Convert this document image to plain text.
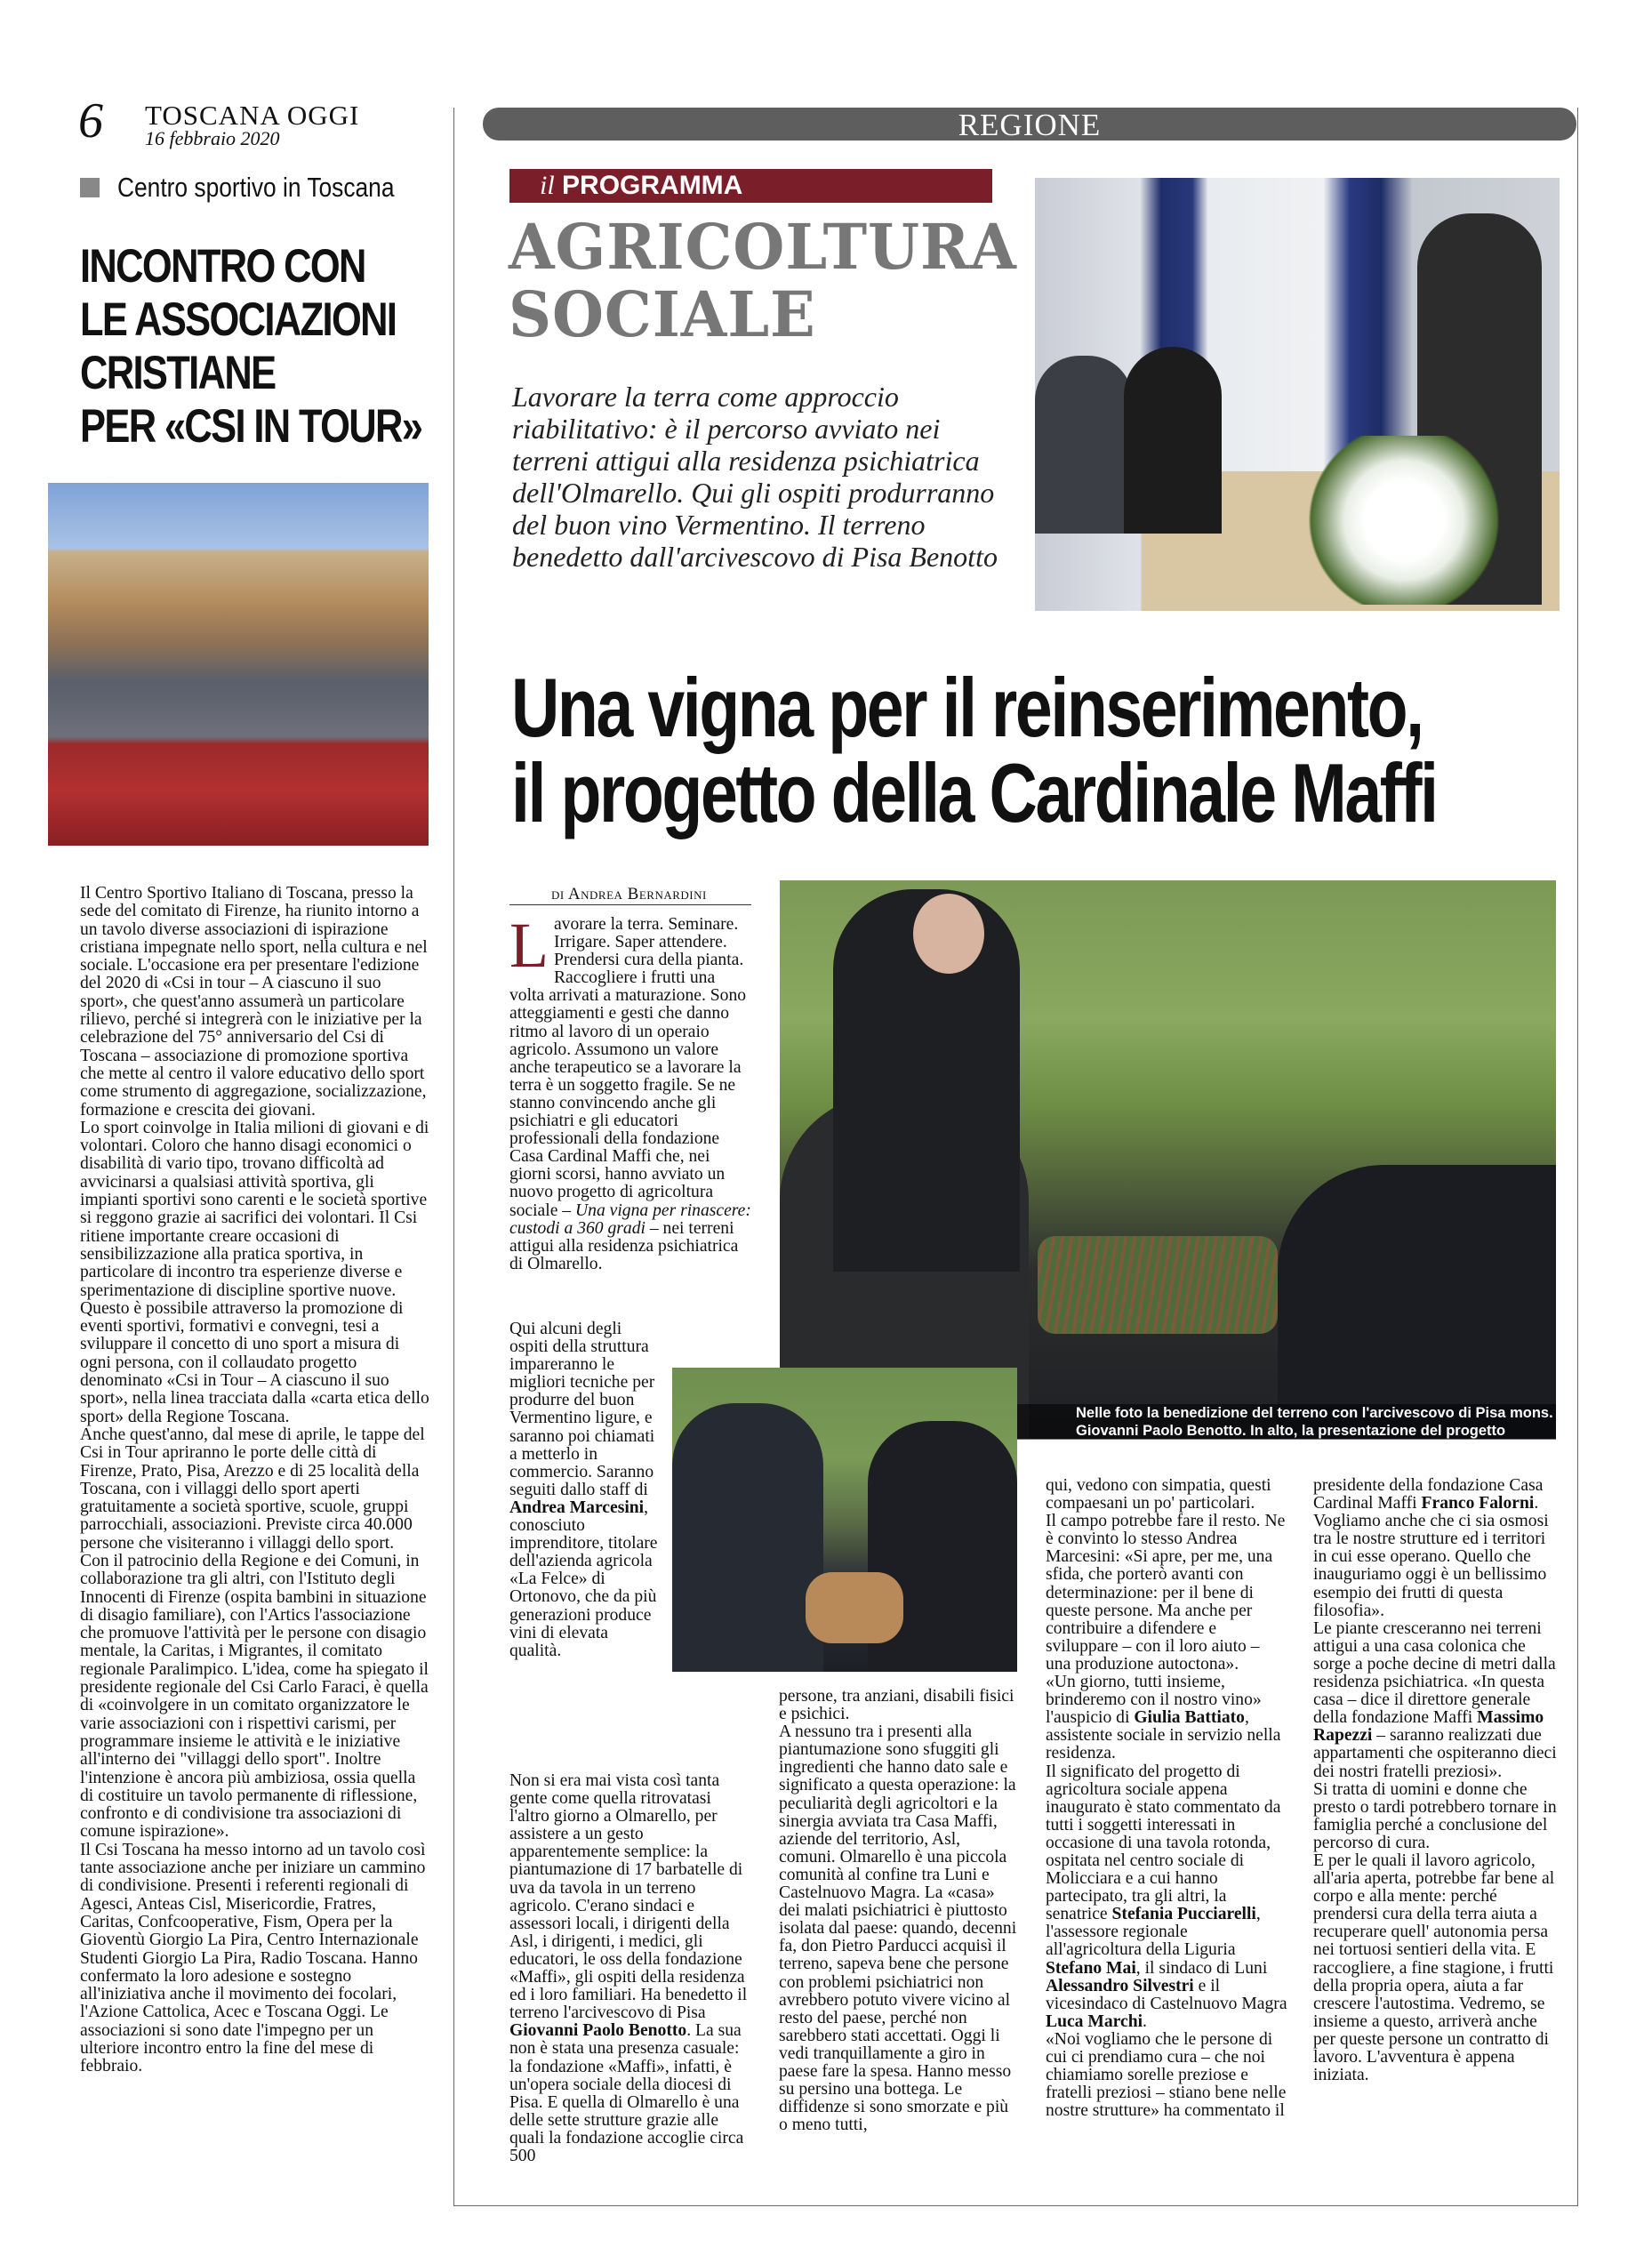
6 TOSCANA OGGI
16 febbraio 2020	REGIONE
Centro sportivo in Toscana
INCONTRO CON
LE ASSOCIAZIONI
CRISTIANE
PER «CSI IN TOUR»

Il Centro Sportivo Italiano di Toscana, presso la sede del comitato di Firenze, ha riunito intorno a un tavolo diverse associazioni di ispirazione cristiana impegnate nello sport, nella cultura e nel sociale. L'occasione era per presentare l'edizione del 2020 di «Csi in tour – A ciascuno il suo sport», che quest'anno assumerà un particolare rilievo, perché si integrerà con le iniziative per la celebrazione del 75° anniversario del Csi di Toscana – associazione di promozione sportiva che mette al centro il valore educativo dello sport come strumento di aggregazione, socializzazione, formazione e crescita dei giovani.
Lo sport coinvolge in Italia milioni di giovani e di volontari. Coloro che hanno disagi economici o disabilità di vario tipo, trovano difficoltà ad avvicinarsi a qualsiasi attività sportiva, gli impianti sportivi sono carenti e le società sportive si reggono grazie ai sacrifici dei volontari. Il Csi ritiene importante creare occasioni di sensibilizzazione alla pratica sportiva, in particolare di incontro tra esperienze diverse e sperimentazione di discipline sportive nuove. Questo è possibile attraverso la promozione di eventi sportivi, formativi e convegni, tesi a sviluppare il concetto di uno sport a misura di ogni persona, con il collaudato progetto denominato «Csi in Tour – A ciascuno il suo sport», nella linea tracciata dalla «carta etica dello sport» della Regione Toscana.
Anche quest'anno, dal mese di aprile, le tappe del Csi in Tour apriranno le porte delle città di Firenze, Prato, Pisa, Arezzo e di 25 località della Toscana, con i villaggi dello sport aperti gratuitamente a società sportive, scuole, gruppi parrocchiali, associazioni. Previste circa 40.000 persone che visiteranno i villaggi dello sport.
Con il patrocinio della Regione e dei Comuni, in collaborazione tra gli altri, con l'Istituto degli Innocenti di Firenze (ospita bambini in situazione di disagio familiare), con l'Artics l'associazione che promuove l'attività per le persone con disagio mentale, la Caritas, i Migrantes, il comitato regionale Paralimpico. L'idea, come ha spiegato il presidente regionale del Csi Carlo Faraci, è quella di «coinvolgere in un comitato organizzatore le varie associazioni con i rispettivi carismi, per programmare insieme le attività e le iniziative all'interno dei "villaggi dello sport". Inoltre l'intenzione è ancora più ambiziosa, ossia quella di costituire un tavolo permanente di riflessione, confronto e di condivisione tra associazioni di comune ispirazione».
Il Csi Toscana ha messo intorno ad un tavolo così tante associazione anche per iniziare un cammino di condivisione. Presenti i referenti regionali di Agesci, Anteas Cisl, Misericordie, Fratres, Caritas, Confcooperative, Fism, Opera per la Gioventù Giorgio La Pira, Centro Internazionale Studenti Giorgio La Pira, Radio Toscana. Hanno confermato la loro adesione e sostegno all'iniziativa anche il movimento dei focolari, l'Azione Cattolica, Acec e Toscana Oggi. Le associazioni si sono date l'impegno per un ulteriore incontro entro la fine del mese di febbraio.

il PROGRAMMA
AGRICOLTURA
SOCIALE
Lavorare la terra come approccio riabilitativo: è il percorso avviato nei terreni attigui alla residenza psichiatrica dell'Olmarello. Qui gli ospiti produrranno del buon vino Vermentino. Il terreno benedetto dall'arcivescovo di Pisa Benotto
Una vigna per il reinserimento,
il progetto della Cardinale Maffi
di Andrea Bernardini
Nelle foto la benedizione del terreno con l'arcivescovo di Pisa mons. Giovanni Paolo Benotto. In alto, la presentazione del progetto

Lavorare la terra. Seminare. Irrigare. Saper attendere. Prendersi cura della pianta. Raccogliere i frutti una volta arrivati a maturazione. Sono atteggiamenti e gesti che danno ritmo al lavoro di un operaio agricolo. Assumono un valore anche terapeutico se a lavorare la terra è un soggetto fragile. Se ne stanno convincendo anche gli psichiatri e gli educatori professionali della fondazione Casa Cardinal Maffi che, nei giorni scorsi, hanno avviato un nuovo progetto di agricoltura sociale – Una vigna per rinascere: custodi a 360 gradi – nei terreni attigui alla residenza psichiatrica di Olmarello.

Qui alcuni degli ospiti della struttura impareranno le migliori tecniche per produrre del buon Vermentino ligure, e saranno poi chiamati a metterlo in commercio. Saranno seguiti dallo staff di Andrea Marcesini, conosciuto imprenditore, titolare dell'azienda agricola «La Felce» di Ortonovo, che da più generazioni produce vini di elevata qualità.

Non si era mai vista così tanta gente come quella ritrovatasi l'altro giorno a Olmarello, per assistere a un gesto apparentemente semplice: la piantumazione di 17 barbatelle di uva da tavola in un terreno agricolo. C'erano sindaci e assessori locali, i dirigenti della Asl, i dirigenti, i medici, gli educatori, le oss della fondazione «Maffi», gli ospiti della residenza ed i loro familiari. Ha benedetto il terreno l'arcivescovo di Pisa Giovanni Paolo Benotto. La sua non è stata una presenza casuale: la fondazione «Maffi», infatti, è un'opera sociale della diocesi di Pisa. E quella di Olmarello è una delle sette strutture grazie alle quali la fondazione accoglie circa 500

persone, tra anziani, disabili fisici e psichici.
A nessuno tra i presenti alla piantumazione sono sfuggiti gli ingredienti che hanno dato sale e significato a questa operazione: la peculiarità degli agricoltori e la sinergia avviata tra Casa Maffi, aziende del territorio, Asl, comuni. Olmarello è una piccola comunità al confine tra Luni e Castelnuovo Magra. La «casa» dei malati psichiatrici è piuttosto isolata dal paese: quando, decenni fa, don Pietro Parducci acquisì il terreno, sapeva bene che persone con problemi psichiatrici non avrebbero potuto vivere vicino al resto del paese, perché non sarebbero stati accettati. Oggi li vedi tranquillamente a giro in paese fare la spesa. Hanno messo su persino una bottega. Le diffidenze si sono smorzate e più o meno tutti,

qui, vedono con simpatia, questi compaesani un po' particolari.
Il campo potrebbe fare il resto. Ne è convinto lo stesso Andrea Marcesini: «Si apre, per me, una sfida, che porterò avanti con determinazione: per il bene di queste persone. Ma anche per contribuire a difendere e sviluppare – con il loro aiuto – una produzione autoctona».
«Un giorno, tutti insieme, brinderemo con il nostro vino» l'auspicio di Giulia Battiato, assistente sociale in servizio nella residenza.
Il significato del progetto di agricoltura sociale appena inaugurato è stato commentato da tutti i soggetti interessati in occasione di una tavola rotonda, ospitata nel centro sociale di Molicciara e a cui hanno partecipato, tra gli altri, la senatrice Stefania Pucciarelli, l'assessore regionale all'agricoltura della Liguria Stefano Mai, il sindaco di Luni Alessandro Silvestri e il vicesindaco di Castelnuovo Magra Luca Marchi.
«Noi vogliamo che le persone di cui ci prendiamo cura – che noi chiamiamo sorelle preziose e fratelli preziosi – stiano bene nelle nostre strutture» ha commentato il

presidente della fondazione Casa Cardinal Maffi Franco Falorni. Vogliamo anche che ci sia osmosi tra le nostre strutture ed i territori in cui esse operano. Quello che inauguriamo oggi è un bellissimo esempio dei frutti di questa filosofia».
Le piante cresceranno nei terreni attigui a una casa colonica che sorge a poche decine di metri dalla residenza psichiatrica. «In questa casa – dice il direttore generale della fondazione Maffi Massimo Rapezzi – saranno realizzati due appartamenti che ospiteranno dieci dei nostri fratelli preziosi».
Si tratta di uomini e donne che presto o tardi potrebbero tornare in famiglia perché a conclusione del percorso di cura.
E per le quali il lavoro agricolo, all'aria aperta, potrebbe far bene al corpo e alla mente: perché prendersi cura della terra aiuta a recuperare quell' autonomia persa nei tortuosi sentieri della vita. E raccogliere, a fine stagione, i frutti della propria opera, aiuta a far crescere l'autostima. Vedremo, se insieme a questo, arriverà anche per queste persone un contratto di lavoro. L'avventura è appena iniziata.
